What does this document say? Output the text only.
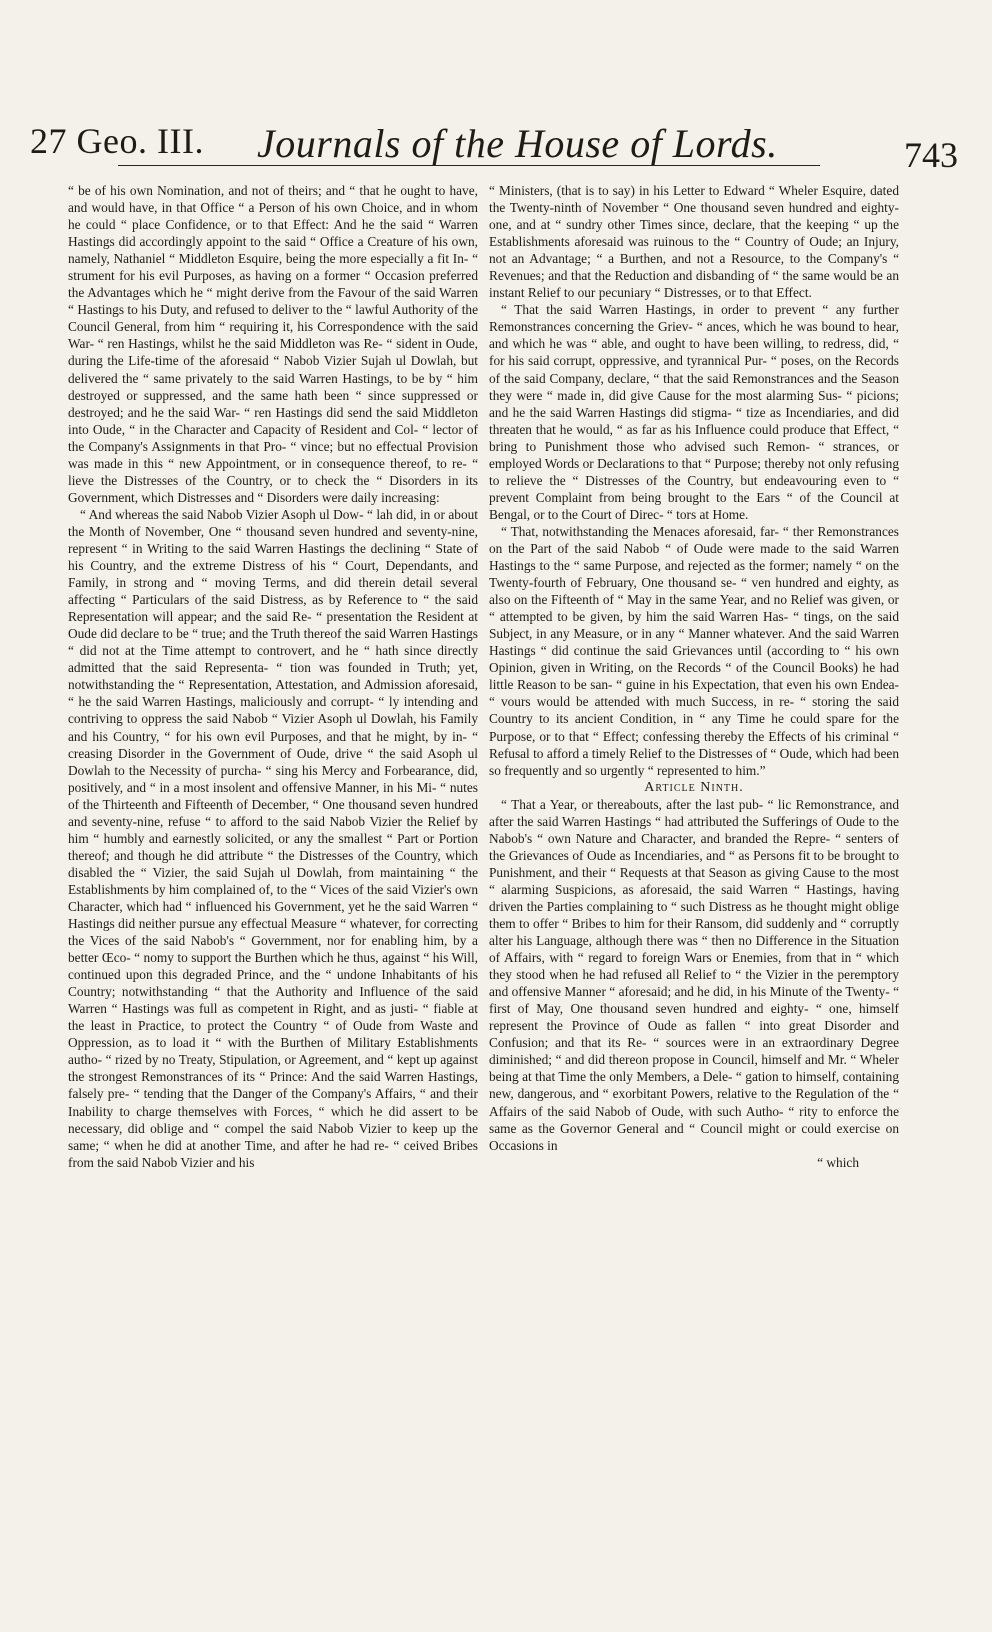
27 Geo. III. Journals of the House of Lords.	743

“ be of his own Nomination, and not of theirs; and “ that he ought to have, and would have, in that Office “ a Person of his own Choice, and in whom he could “ place Confidence, or to that Effect: And he the said “ Warren Hastings did accordingly appoint to the said “ Office a Creature of his own, namely, Nathaniel “ Middleton Esquire, being the more especially a fit In- “ strument for his evil Purposes, as having on a former “ Occasion preferred the Advantages which he “ might derive from the Favour of the said Warren “ Hastings to his Duty, and refused to deliver to the “ lawful Authority of the Council General, from him “ requiring it, his Correspondence with the said War- “ ren Hastings, whilst he the said Middleton was Re- “ sident in Oude, during the Life-time of the aforesaid “ Nabob Vizier Sujah ul Dowlah, but delivered the “ same privately to the said Warren Hastings, to be by “ him destroyed or suppressed, and the same hath been “ since suppressed or destroyed; and he the said War- “ ren Hastings did send the said Middleton into Oude, “ in the Character and Capacity of Resident and Col- “ lector of the Company's Assignments in that Pro- “ vince; but no effectual Provision was made in this “ new Appointment, or in consequence thereof, to re- “ lieve the Distresses of the Country, or to check the “ Disorders in its Government, which Distresses and “ Disorders were daily increasing:

“ And whereas the said Nabob Vizier Asoph ul Dow- “ lah did, in or about the Month of November, One “ thousand seven hundred and seventy-nine, represent “ in Writing to the said Warren Hastings the declining “ State of his Country, and the extreme Distress of his “ Court, Dependants, and Family, in strong and “ moving Terms, and did therein detail several affecting “ Particulars of the said Distress, as by Reference to “ the said Representation will appear; and the said Re- “ presentation the Resident at Oude did declare to be “ true; and the Truth thereof the said Warren Hastings “ did not at the Time attempt to controvert, and he “ hath since directly admitted that the said Representa- “ tion was founded in Truth; yet, notwithstanding the “ Representation, Attestation, and Admission aforesaid, “ he the said Warren Hastings, maliciously and corrupt- “ ly intending and contriving to oppress the said Nabob “ Vizier Asoph ul Dowlah, his Family and his Country, “ for his own evil Purposes, and that he might, by in- “ creasing Disorder in the Government of Oude, drive “ the said Asoph ul Dowlah to the Necessity of purcha- “ sing his Mercy and Forbearance, did, positively, and “ in a most insolent and offensive Manner, in his Mi- “ nutes of the Thirteenth and Fifteenth of December, “ One thousand seven hundred and seventy-nine, refuse “ to afford to the said Nabob Vizier the Relief by him “ humbly and earnestly solicited, or any the smallest “ Part or Portion thereof; and though he did attribute “ the Distresses of the Country, which disabled the “ Vizier, the said Sujah ul Dowlah, from maintaining “ the Establishments by him complained of, to the “ Vices of the said Vizier's own Character, which had “ influenced his Government, yet he the said Warren “ Hastings did neither pursue any effectual Measure “ whatever, for correcting the Vices of the said Nabob's “ Government, nor for enabling him, by a better Œco- “ nomy to support the Burthen which he thus, against “ his Will, continued upon this degraded Prince, and the “ undone Inhabitants of his Country; notwithstanding “ that the Authority and Influence of the said Warren “ Hastings was full as competent in Right, and as justi- “ fiable at the least in Practice, to protect the Country “ of Oude from Waste and Oppression, as to load it “ with the Burthen of Military Establishments autho- “ rized by no Treaty, Stipulation, or Agreement, and “ kept up against the strongest Remonstrances of its “ Prince: And the said Warren Hastings, falsely pre- “ tending that the Danger of the Company's Affairs, “ and their Inability to charge themselves with Forces, “ which he did assert to be necessary, did oblige and “ compel the said Nabob Vizier to keep up the same; “ when he did at another Time, and after he had re- “ ceived Bribes from the said Nabob Vizier and his

“ Ministers, (that is to say) in his Letter to Edward “ Wheler Esquire, dated the Twenty-ninth of November “ One thousand seven hundred and eighty-one, and at “ sundry other Times since, declare, that the keeping “ up the Establishments aforesaid was ruinous to the “ Country of Oude; an Injury, not an Advantage; “ a Burthen, and not a Resource, to the Company's “ Revenues; and that the Reduction and disbanding of “ the same would be an instant Relief to our pecuniary “ Distresses, or to that Effect.

“ That the said Warren Hastings, in order to prevent “ any further Remonstrances concerning the Griev- “ ances, which he was bound to hear, and which he was “ able, and ought to have been willing, to redress, did, “ for his said corrupt, oppressive, and tyrannical Pur- “ poses, on the Records of the said Company, declare, “ that the said Remonstrances and the Season they were “ made in, did give Cause for the most alarming Sus- “ picions; and he the said Warren Hastings did stigma- “ tize as Incendiaries, and did threaten that he would, “ as far as his Influence could produce that Effect, “ bring to Punishment those who advised such Remon- “ strances, or employed Words or Declarations to that “ Purpose; thereby not only refusing to relieve the “ Distresses of the Country, but endeavouring even to “ prevent Complaint from being brought to the Ears “ of the Council at Bengal, or to the Court of Direc- “ tors at Home.

“ That, notwithstanding the Menaces aforesaid, far- “ ther Remonstrances on the Part of the said Nabob “ of Oude were made to the said Warren Hastings to the “ same Purpose, and rejected as the former; namely “ on the Twenty-fourth of February, One thousand se- “ ven hundred and eighty, as also on the Fifteenth of “ May in the same Year, and no Relief was given, or “ attempted to be given, by him the said Warren Has- “ tings, on the said Subject, in any Measure, or in any “ Manner whatever. And the said Warren Hastings “ did continue the said Grievances until (according to “ his own Opinion, given in Writing, on the Records “ of the Council Books) he had little Reason to be san- “ guine in his Expectation, that even his own Endea- “ vours would be attended with much Success, in re- “ storing the said Country to its ancient Condition, in “ any Time he could spare for the Purpose, or to that “ Effect; confessing thereby the Effects of his criminal “ Refusal to afford a timely Relief to the Distresses of “ Oude, which had been so frequently and so urgently “ represented to him.”

Article Ninth.

“ That a Year, or thereabouts, after the last pub- “ lic Remonstrance, and after the said Warren Hastings “ had attributed the Sufferings of Oude to the Nabob's “ own Nature and Character, and branded the Repre- “ senters of the Grievances of Oude as Incendiaries, and “ as Persons fit to be brought to Punishment, and their “ Requests at that Season as giving Cause to the most “ alarming Suspicions, as aforesaid, the said Warren “ Hastings, having driven the Parties complaining to “ such Distress as he thought might oblige them to offer “ Bribes to him for their Ransom, did suddenly and “ corruptly alter his Language, although there was “ then no Difference in the Situation of Affairs, with “ regard to foreign Wars or Enemies, from that in “ which they stood when he had refused all Relief to “ the Vizier in the peremptory and offensive Manner “ aforesaid; and he did, in his Minute of the Twenty- “ first of May, One thousand seven hundred and eighty- “ one, himself represent the Province of Oude as fallen “ into great Disorder and Confusion; and that its Re- “ sources were in an extraordinary Degree diminished; “ and did thereon propose in Council, himself and Mr. “ Wheler being at that Time the only Members, a Dele- “ gation to himself, containing new, dangerous, and “ exorbitant Powers, relative to the Regulation of the “ Affairs of the said Nabob of Oude, with such Autho- “ rity to enforce the same as the Governor General and “ Council might or could exercise on Occasions in

“ which
